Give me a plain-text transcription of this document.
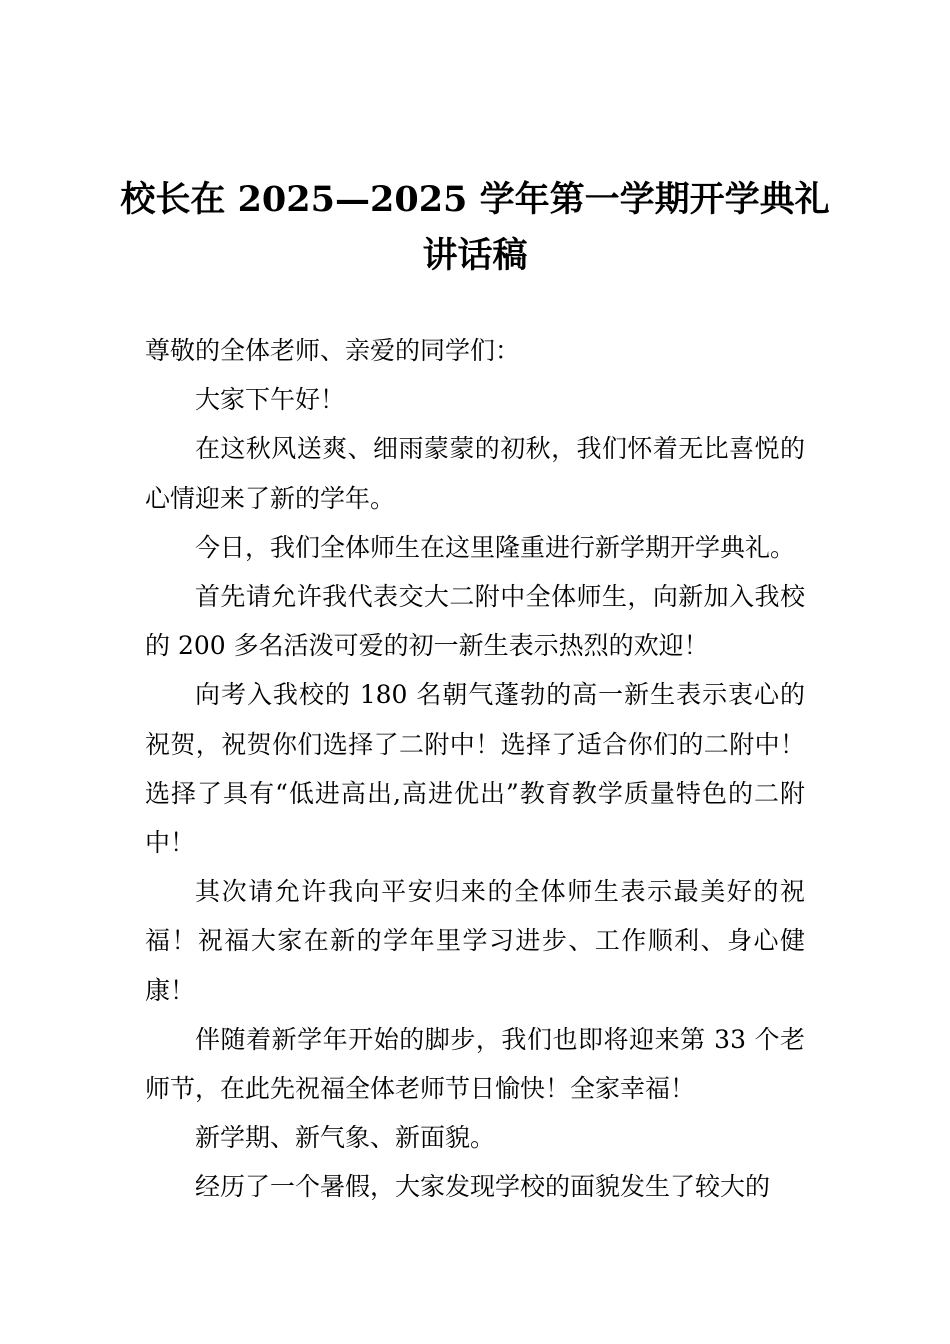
校长在 2025—2025 学年第一学期开学典礼
讲话稿

尊敬的全体老师、亲爱的同学们：

大家下午好！

在这秋风送爽、细雨蒙蒙的初秋，我们怀着无比喜悦的心情迎来了新的学年。

今日，我们全体师生在这里隆重进行新学期开学典礼。

首先请允许我代表交大二附中全体师生，向新加入我校的 200 多名活泼可爱的初一新生表示热烈的欢迎！

向考入我校的 180 名朝气蓬勃的高一新生表示衷心的祝贺，祝贺你们选择了二附中！选择了适合你们的二附中！选择了具有“低进高出,高进优出”教育教学质量特色的二附中！

其次请允许我向平安归来的全体师生表示最美好的祝福！祝福大家在新的学年里学习进步、工作顺利、身心健康！

伴随着新学年开始的脚步，我们也即将迎来第 33 个老师节，在此先祝福全体老师节日愉快！全家幸福！

新学期、新气象、新面貌。

经历了一个暑假，大家发现学校的面貌发生了较大的
